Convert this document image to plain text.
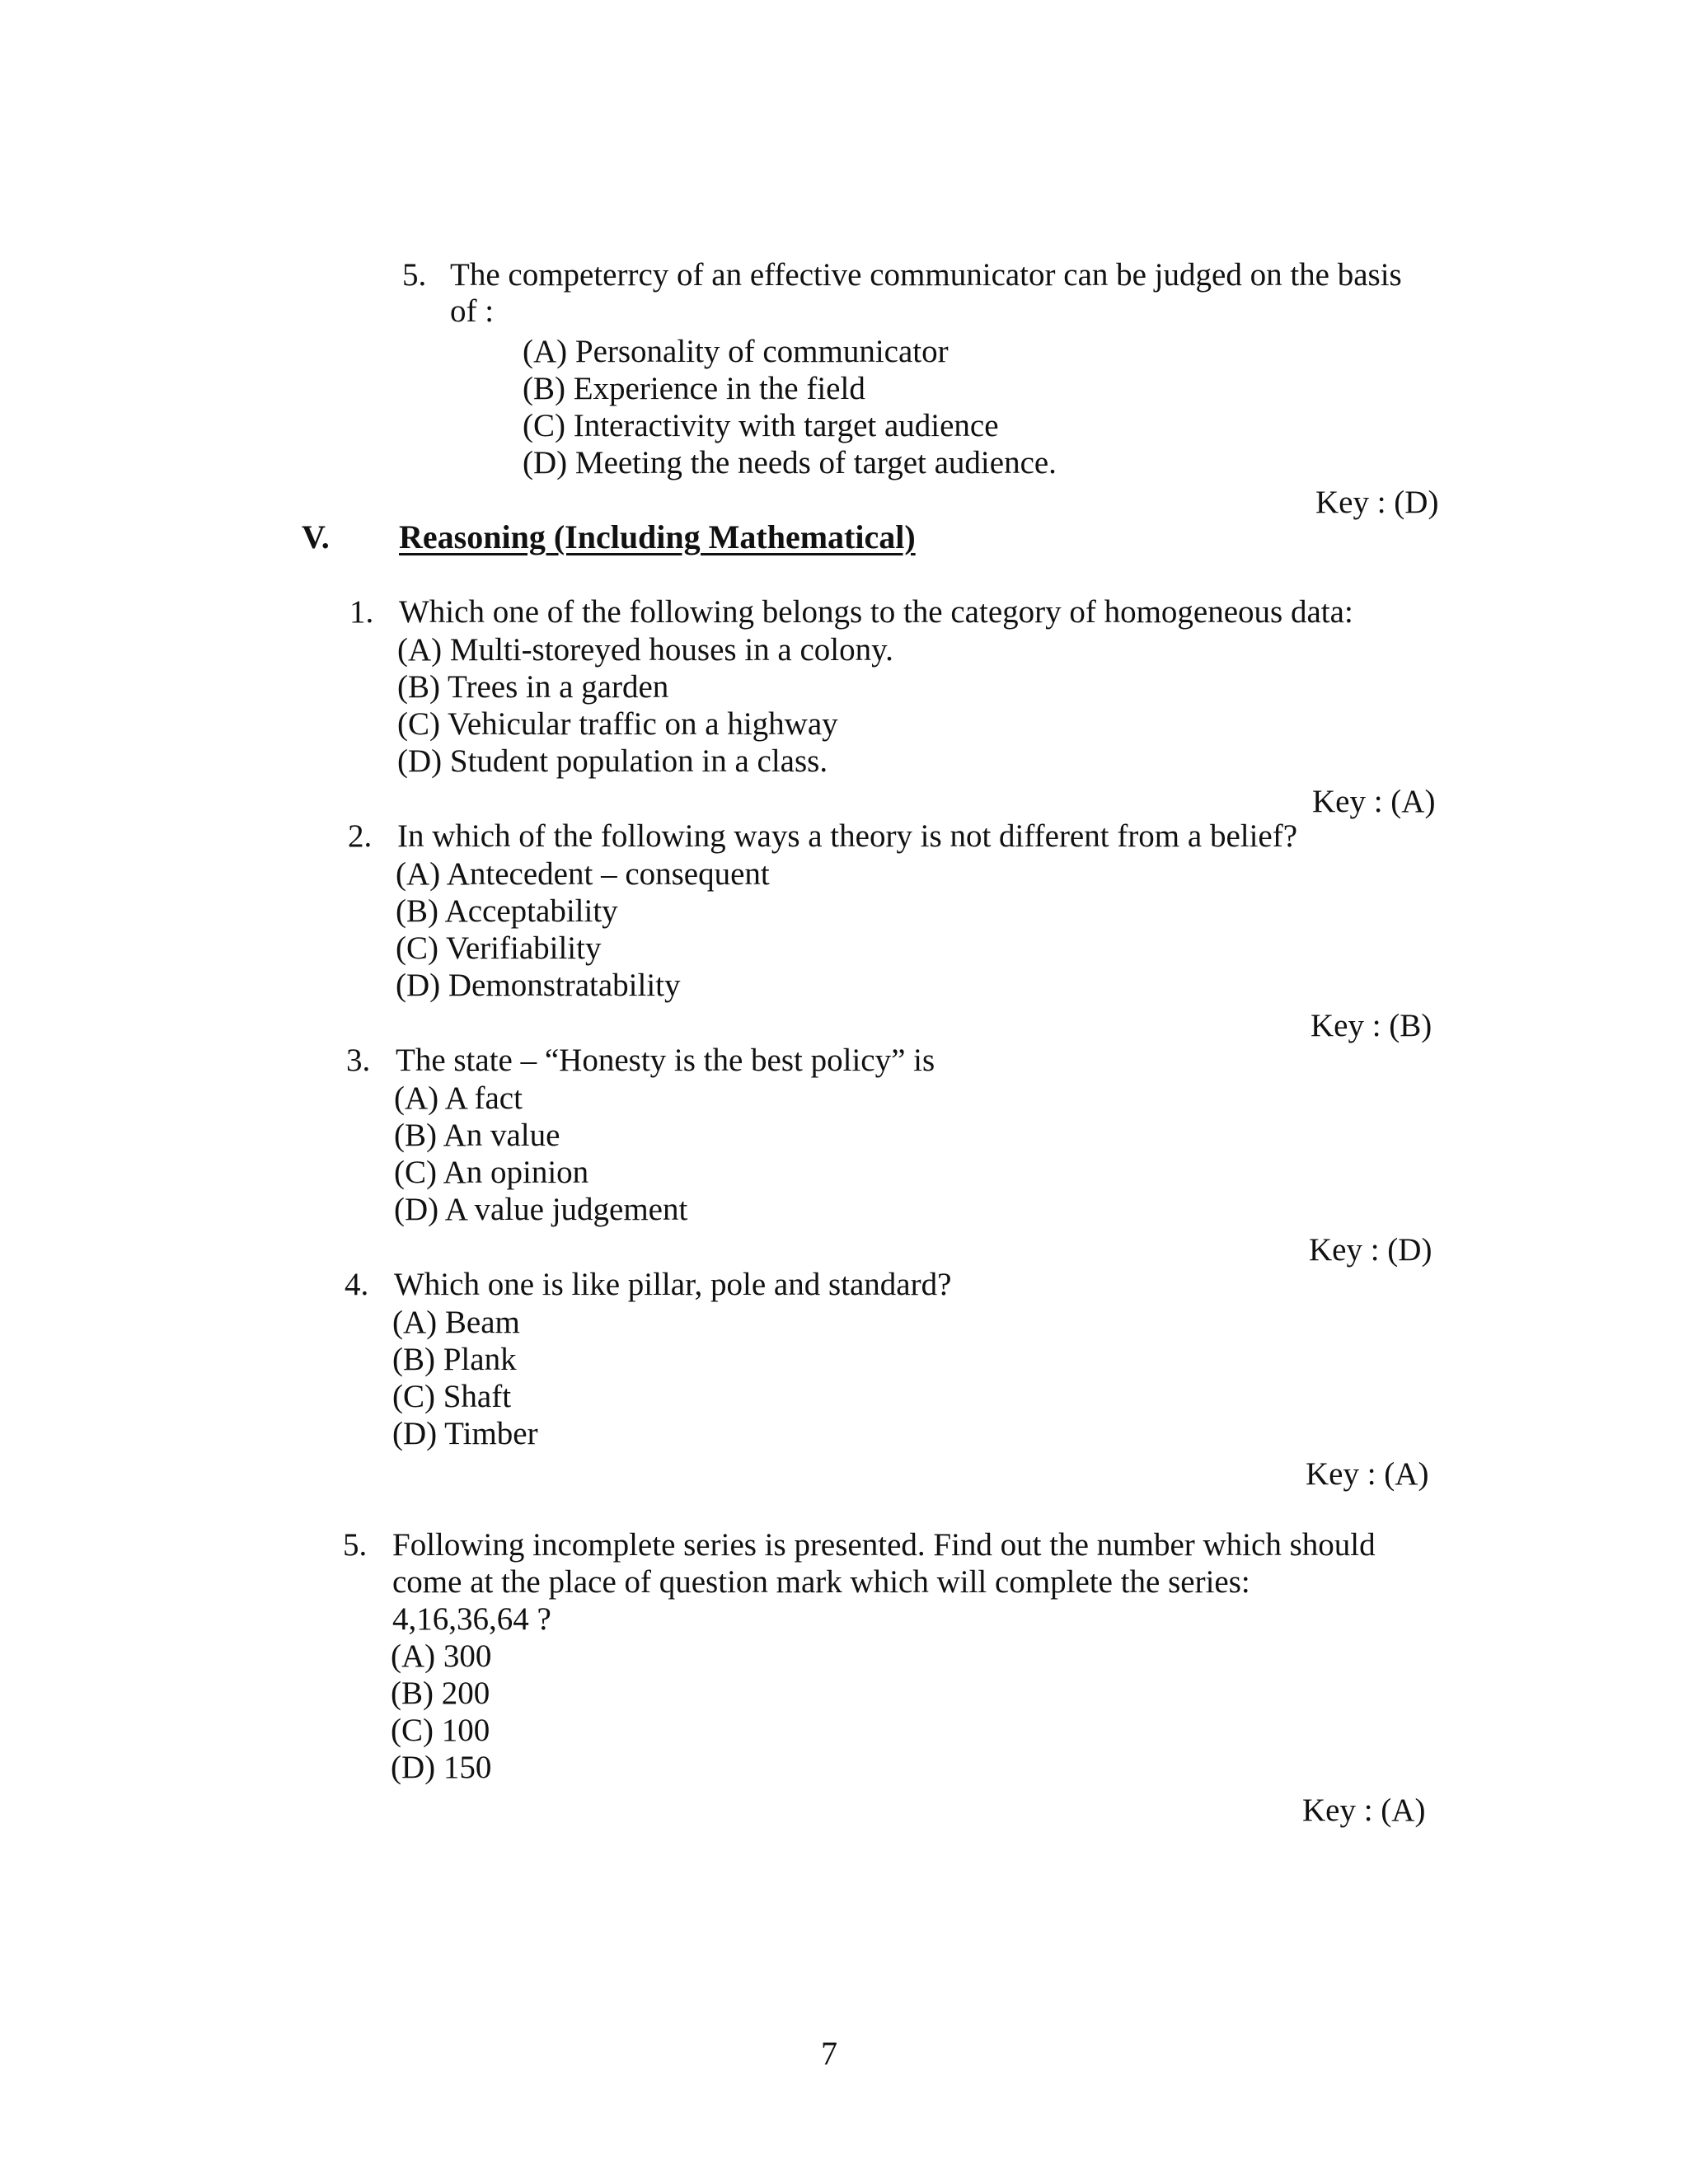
5. The competerrcy of an effective communicator can be judged on the basis
of :
(A) Personality of communicator
(B) Experience in the field
(C) Interactivity with target audience
(D) Meeting the needs of target audience.
Key : (D)
V. Reasoning (Including Mathematical)
1. Which one of the following belongs to the category of homogeneous data:
(A) Multi-storeyed houses in a colony.
(B) Trees in a garden
(C) Vehicular traffic on a highway
(D) Student population in a class.
Key : (A)
2. In which of the following ways a theory is not different from a belief?
(A) Antecedent – consequent
(B) Acceptability
(C) Verifiability
(D) Demonstratability
Key : (B)
3. The state – “Honesty is the best policy” is
(A) A fact
(B) An value
(C) An opinion
(D) A value judgement
Key : (D)
4. Which one is like pillar, pole and standard?
(A) Beam
(B) Plank
(C) Shaft
(D) Timber
Key : (A)
5. Following incomplete series is presented. Find out the number which should
come at the place of question mark which will complete the series:
4,16,36,64 ?
(A) 300
(B) 200
(C) 100
(D) 150
Key : (A)
7
